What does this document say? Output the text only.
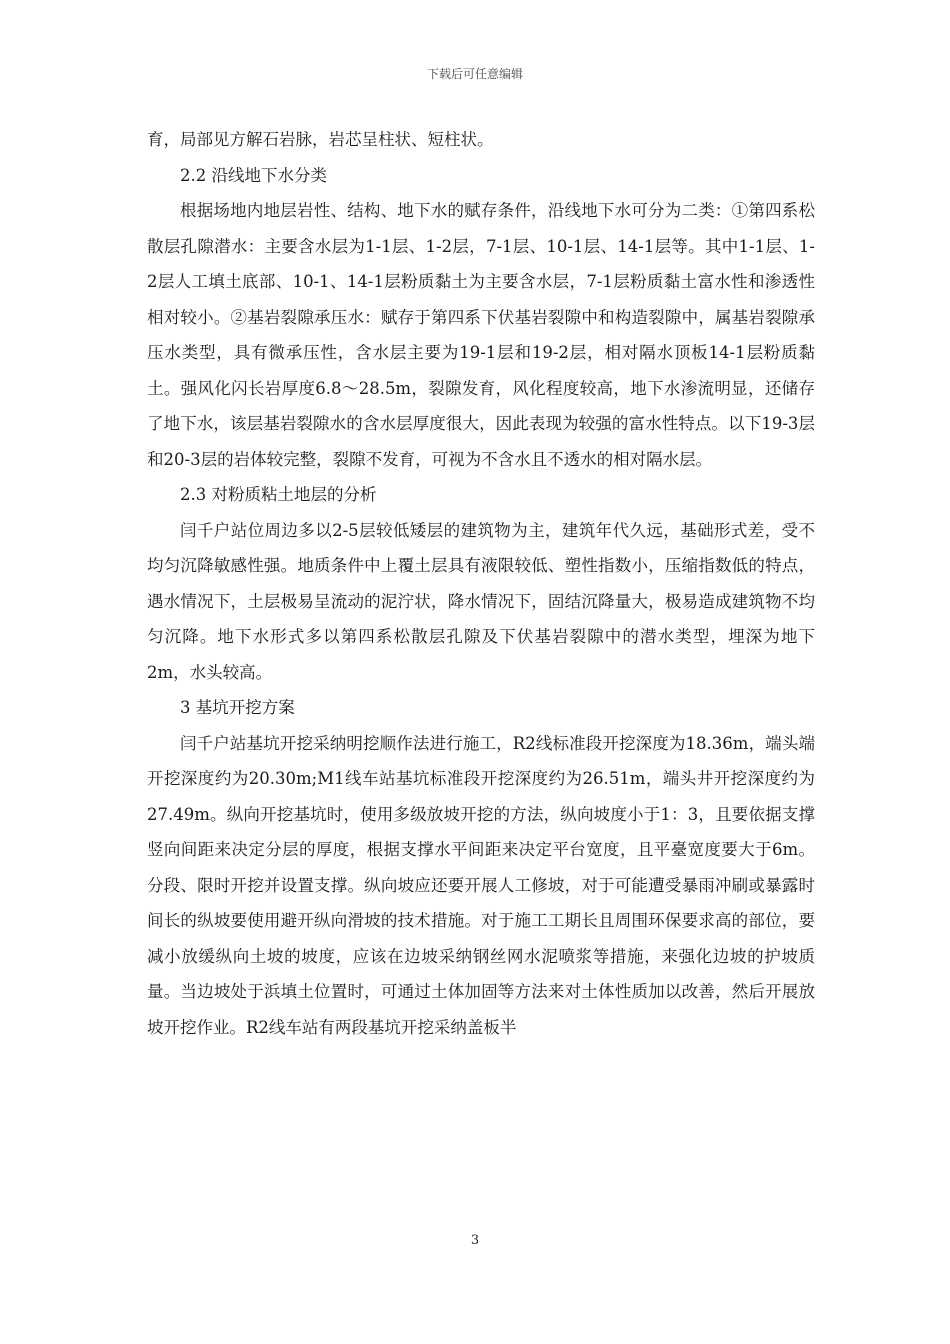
下载后可任意编辑

育，局部见方解石岩脉，岩芯呈柱状、短柱状。

2.2 沿线地下水分类

根据场地内地层岩性、结构、地下水的赋存条件，沿线地下水可分为二类：①第四系松散层孔隙潜水：主要含水层为1-1层、1-2层，7-1层、10-1层、14-1层等。其中1-1层、1-2层人工填土底部、10-1、14-1层粉质黏土为主要含水层，7-1层粉质黏土富水性和渗透性相对较小。②基岩裂隙承压水：赋存于第四系下伏基岩裂隙中和构造裂隙中，属基岩裂隙承压水类型，具有微承压性，含水层主要为19-1层和19-2层，相对隔水顶板14-1层粉质黏土。强风化闪长岩厚度6.8～28.5m，裂隙发育，风化程度较高，地下水渗流明显，还储存了地下水，该层基岩裂隙水的含水层厚度很大，因此表现为较强的富水性特点。以下19-3层和20-3层的岩体较完整，裂隙不发育，可视为不含水且不透水的相对隔水层。

2.3 对粉质粘土地层的分析

闫千户站位周边多以2-5层较低矮层的建筑物为主，建筑年代久远，基础形式差，受不均匀沉降敏感性强。地质条件中上覆土层具有液限较低、塑性指数小，压缩指数低的特点，遇水情况下，土层极易呈流动的泥泞状，降水情况下，固结沉降量大，极易造成建筑物不均匀沉降。地下水形式多以第四系松散层孔隙及下伏基岩裂隙中的潜水类型，埋深为地下2m，水头较高。

3 基坑开挖方案

闫千户站基坑开挖采纳明挖顺作法进行施工，R2线标准段开挖深度为18.36m，端头端开挖深度约为20.30m;M1线车站基坑标准段开挖深度约为26.51m，端头井开挖深度约为27.49m。纵向开挖基坑时，使用多级放坡开挖的方法，纵向坡度小于1：3，且要依据支撑竖向间距来决定分层的厚度，根据支撑水平间距来决定平台宽度，且平臺宽度要大于6m。分段、限时开挖并设置支撑。纵向坡应还要开展人工修坡，对于可能遭受暴雨冲刷或暴露时间长的纵坡要使用避开纵向滑坡的技术措施。对于施工工期长且周围环保要求高的部位，要减小放缓纵向土坡的坡度，应该在边坡采纳钢丝网水泥喷浆等措施，来强化边坡的护坡质量。当边坡处于浜填土位置时，可通过土体加固等方法来对土体性质加以改善，然后开展放坡开挖作业。R2线车站有两段基坑开挖采纳盖板半

3
